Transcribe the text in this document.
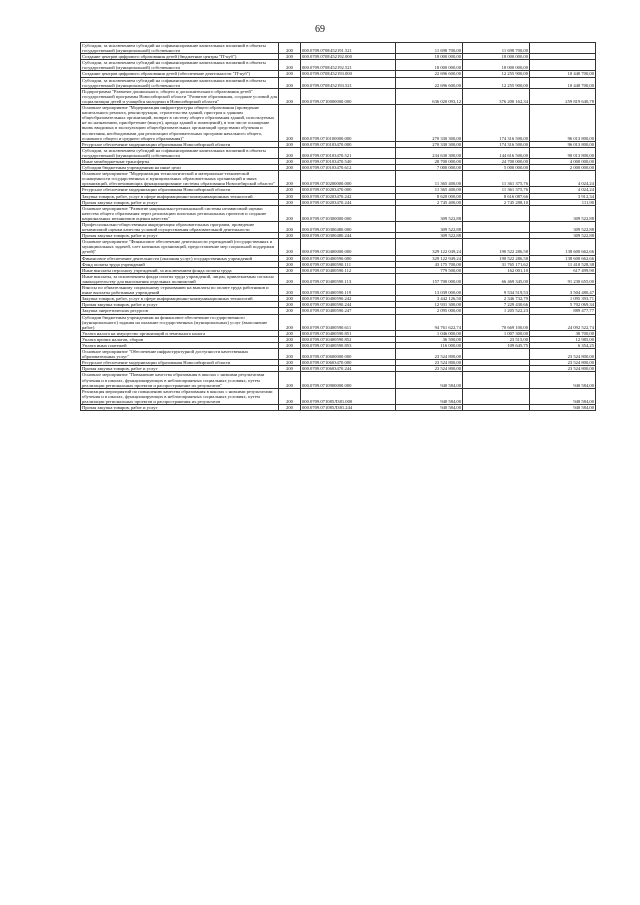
69
Субсидии, за исключением субсидий на софинансирование капитальных вложений в объекты государственной (муниципальной) собственности	200	000.0709.070E452191.521	11 698 700,00	11 698 700,00	
Создание центров цифрового образования детей (бюджетные центры "IT-куб")	200	000.0709.070E452192.000	18 000 000,00	18 000 000,00	
Субсидии, за исключением субсидий на софинансирование капитальных вложений в объекты государственной (муниципальной) собственности	200	000.0709.070E452192.521	18 000 000,00	18 000 000,00	
Создание центров цифрового образования детей (обеспечение деятельности "IT-куб")	200	000.0709.070E452193.000	22 696 600,00	12 255 900,00	10 440 700,00
Субсидии, за исключением субсидий на софинансирование капитальных вложений в объекты государственной (муниципальной) собственности	200	000.0709.070E452193.521	22 696 600,00	12 255 900,00	10 440 700,00
Подпрограмма "Развитие дошкольного, общего и дополнительного образования детей" государственной программы Новосибирской области "Развитие образования, создание условий для социализации детей и учащейся молодежи в Новосибирской области"	200	000.0709.0710000000.000	636 020 093,12	376 200 162,34	259 819 640,78
Основное мероприятие "Модернизация инфраструктуры общего образования (проведение капитального ремонта, реконструкции, строительства зданий, пристроя к зданиям общеобразовательных организаций, возврат в систему общего образования зданий, используемых не по назначению, приобретение (выкуп), аренда зданий и помещений), в том числе оснащение вновь вводимых в эксплуатацию общеобразовательных организаций средствами обучения и воспитания, необходимыми для реализации образовательных программ начального общего, основного общего и среднего общего образования)"	200	000.0709.0710100000.000	270 330 300,00	174 316 500,00	96 013 800,00
Ресурсное обеспечение модернизации образования Новосибирской области	200	000.0709.0710103470.000	270 330 300,00	174 316 500,00	96 013 800,00
Субсидии, за исключением субсидий на софинансирование капитальных вложений в объекты государственной (муниципальной) собственности	200	000.0709.0710103470.521	234 630 300,00	144 616 500,00	90 013 800,00
Иные межбюджетные трансферты	200	000.0709.0710103470.540	28 700 000,00	24 700 000,00	4 000 000,00
Субсидии бюджетным учреждениям на иные цели	200	000.0709.0710103470.612	7 000 000,00	5 000 000,00	2 000 000,00
Основное мероприятие "Модернизация технологической и материально-технической оснащенности государственных и муниципальных образовательных организаций и иных организаций, обеспечивающих функционирование системы образования Новосибирской области"	200	000.0709.0710200000.000	11 365 400,00	11 361 375,76	4 024,24
Ресурсное обеспечение модернизации образования Новосибирской области	200	000.0709.0710203470.000	11 365 400,00	11 361 375,76	4 024,24
Закупка товаров, работ, услуг в сфере информационно-коммуникационных технологий	200	000.0709.0710203470.242	8 620 000,00	8 616 087,66	3 912,34
Прочая закупка товаров, работ и услуг	200	000.0709.0710203470.244	2 745 400,00	2 745 288,10	111,90
Основное мероприятие "Развитие национально-региональной системы независимой оценки качества общего образования через реализацию пилотных региональных проектов и создание национальных механизмов оценки качества"	200	000.0709.0710300000.000	309 522,88		309 522,88
Профессионально-общественная аккредитация образовательных программ, проведение независимой оценки качества условий осуществления образовательной деятельности	200	000.0709.0710300480.000	309 522,88		309 522,88
Прочая закупка товаров, работ и услуг	200	000.0709.0710300480.244	309 522,88		309 522,88
Основное мероприятие "Финансовое обеспечение деятельности учреждений (государственных и муниципальных задачей, слет казенных организаций, предоставление мер социальной поддержки детей)"	200	000.0709.0710400000.000	329 122 049,24	190 522 286,58	138 600 662,66
Финансовое обеспечение деятельности (оказания услуг) государственных учреждений	200	000.0709.0710400590.000	329 122 949,24	190 522 286,58	138 600 662,66
Фонд оплаты труда учреждений	200	000.0709.0710400590.111	43 175 700,00	31 765 171,62	11 410 528,38
Иные выплаты персоналу учреждений, за исключением фонда оплаты труда	200	000.0709.0710400590.112	779 500,00	162 001,10	617 499,90
Иные выплаты, за исключением фонда оплаты труда учреждений, лицам, привлекаемым согласно законодательству для выполнения отдельных полномочий	200	000.0709.0710400590.113	157 700 000,00	66 469 345,00	91 230 655,00
Взносы по обязательному социальному страхованию на выплаты по оплате труда работников и иные выплаты работникам учреждений	200	000.0709.0710400590.119	13 039 000,00	9 534 519,53	3 504 480,47
Закупка товаров, работ, услуг в сфере информационно-коммуникационных технологий	200	000.0709.0710400590.242	3 442 126,50	2 346 732,79	1 095 393,71
Прочая закупка товаров, работ и услуг	200	000.0709.0710400590.244	12 931 300,00	7 229 430,66	5 702 069,34
Закупка энергетических ресурсов	200	000.0709.0710400590.247	2 095 000,00	1 205 522,23	889 477,77
Субсидии бюджетным учреждениям на финансовое обеспечение государственного (муниципального) задания на оказание государственных (муниципальных) услуг (выполнение работ)	200	000.0709.0710400590.611	94 761 622,74	70 669 100,00	24 092 522,74
Уплата налога на имущество организаций и земельного налога	200	000.0709.0710400590.851	1 046 000,00	1 007 300,00	38 700,00
Уплата прочих налогов, сборов	200	000.0709.0710400590.852	36 500,00	23 515,00	12 985,00
Уплата иных платежей	200	000.0709.0710400590.853	116 000,00	109 645,75	6 354,25
Основное мероприятие "Обеспечение инфраструктурной доступности качественных образовательных услуг"	200	000.0709.0710600000.000	23 524 800,00		23 524 800,00
Ресурсное обеспечение модернизации образования Новосибирской области	200	000.0709.0710603470.000	23 524 800,00		23 524 800,00
Прочая закупка товаров, работ и услуг	200	000.0709.0710603470.244	23 524 800,00		23 524 800,00
Основное мероприятие "Повышение качества образования в школах с низкими результатами обучения и в школах, функционирующих в неблагоприятных социальных условиях, путем реализации региональных проектов и распространение их результатов"	200	000.0709.0710900000.000	940 584,00		940 584,00
Реализация мероприятий по повышению качества образования в школах с низкими результатами обучения и в школах, функционирующих в неблагоприятных социальных условиях, путем реализации региональных проектов и распространения их результатов	200	000.0709.071085Л381.000	940 584,00		940 584,00
Прочая закупка товаров, работ и услуг	200	000.0709.071085Л381.244	940 584,00		940 584,00
